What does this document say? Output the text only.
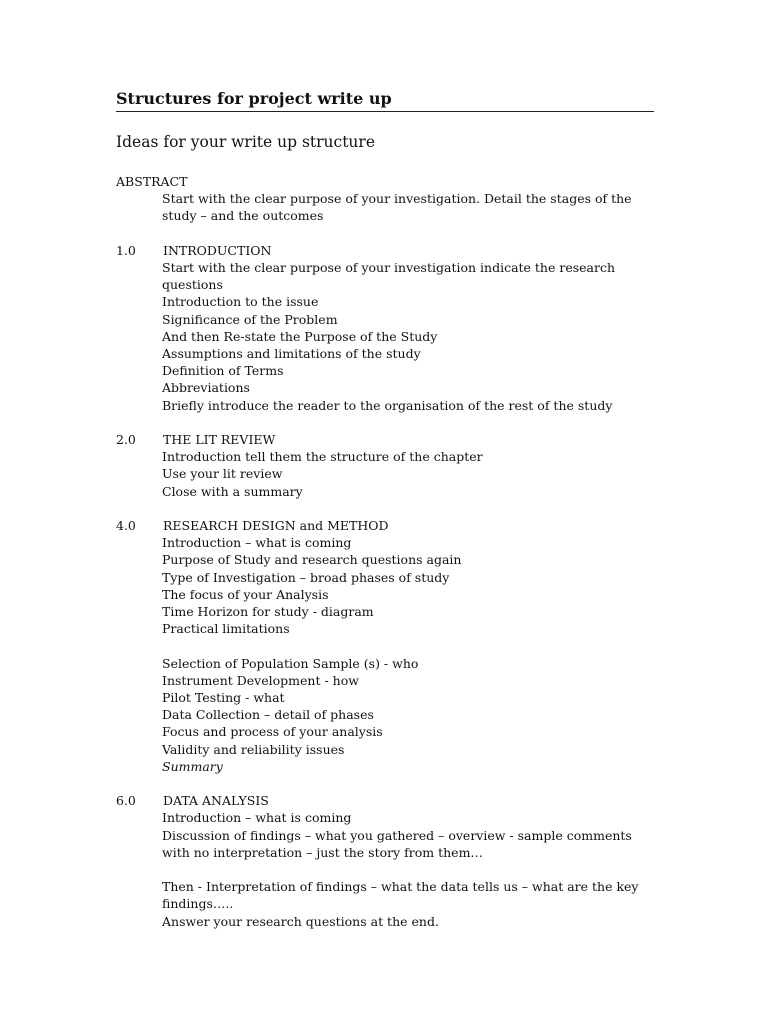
Structures for project write up
Ideas for your write up structure

ABSTRACT

Start with the clear purpose of your investigation. Detail the stages of the
study – and the outcomes
1.0	INTRODUCTION
Start with the clear purpose of your investigation indicate the research
questions
Introduction to the issue
Significance of the Problem
And then Re-state the Purpose of the Study
Assumptions and limitations of the study
Definition of Terms
Abbreviations
Briefly introduce the reader to the organisation of the rest of the study
2.0	THE LIT REVIEW
Introduction tell them the structure of the chapter
Use your lit review
Close with a summary
4.0	RESEARCH DESIGN and METHOD
Introduction – what is coming
Purpose of Study and research questions again
Type of Investigation – broad phases of study
The focus of your Analysis
Time Horizon for study - diagram
Practical limitations
Selection of Population Sample (s) - who
Instrument Development - how
Pilot Testing - what
Data Collection – detail of phases
Focus and process of your analysis
Validity and reliability issues
Summary
6.0	DATA ANALYSIS
Introduction – what is coming
Discussion of findings – what you gathered – overview - sample comments
with no interpretation – just the story from them…
Then - Interpretation of findings – what the data tells us – what are the key
findings…..
Answer your research questions at the end.
